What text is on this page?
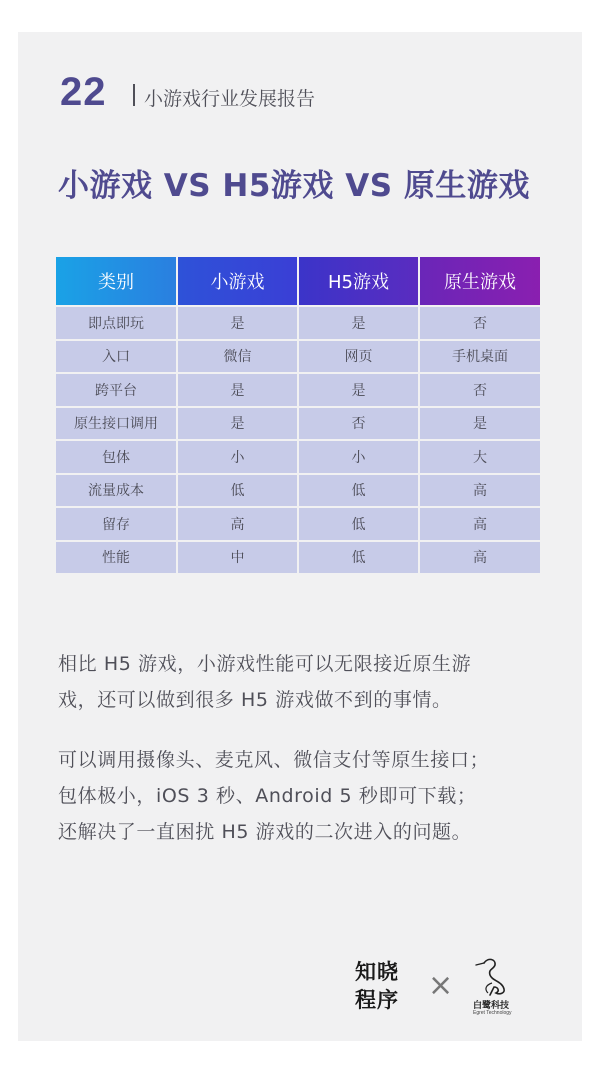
22	小游戏行业发展报告
小游戏 VS H5游戏 VS 原生游戏
类别	小游戏	H5游戏	原生游戏
即点即玩	是	是	否
入口	微信	网页	手机桌面
跨平台	是	是	否
原生接口调用	是	否	是
包体	小	小	大
流量成本	低	低	高
留存	高	低	高
性能	中	低	高
相比 H5 游戏，小游戏性能可以无限接近原生游
戏，还可以做到很多 H5 游戏做不到的事情。
可以调用摄像头、麦克风、微信支付等原生接口；
包体极小，iOS 3 秒、Android 5 秒即可下载；
还解决了一直困扰 H5 游戏的二次进入的问题。
知晓
程序 ×
白鹭科技
Egret Technology
